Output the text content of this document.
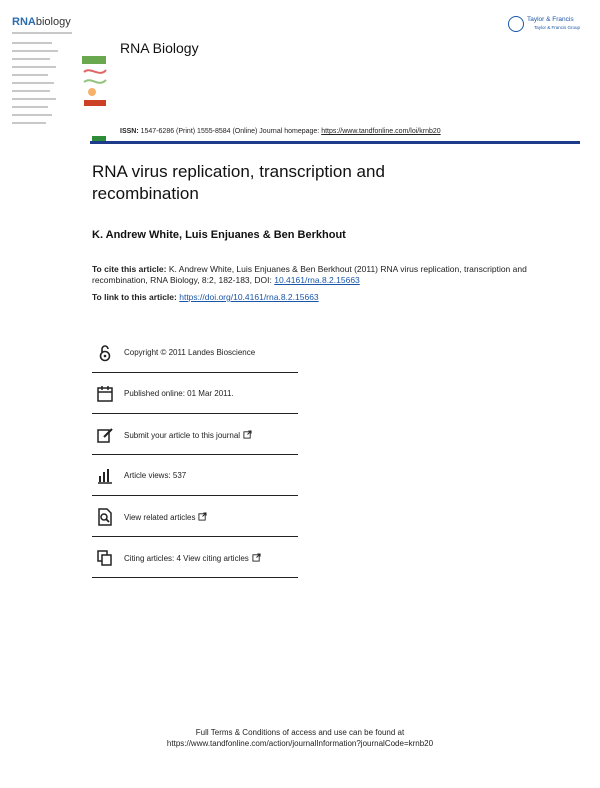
RNAbiology
RNA Biology
ISSN: 1547-6286 (Print) 1555-8584 (Online) Journal homepage: https://www.tandfonline.com/loi/krnb20
Taylor & Francis
Taylor & Francis Group
RNA virus replication, transcription and recombination
K. Andrew White, Luis Enjuanes & Ben Berkhout
To cite this article: K. Andrew White, Luis Enjuanes & Ben Berkhout (2011) RNA virus replication, transcription and recombination, RNA Biology, 8:2, 182-183, DOI: 10.4161/rna.8.2.15663
To link to this article: https://doi.org/10.4161/rna.8.2.15663
Copyright © 2011 Landes Bioscience
Published online: 01 Mar 2011.
Submit your article to this journal
Article views: 537
View related articles
Citing articles: 4 View citing articles
Full Terms & Conditions of access and use can be found at
https://www.tandfonline.com/action/journalInformation?journalCode=krnb20
